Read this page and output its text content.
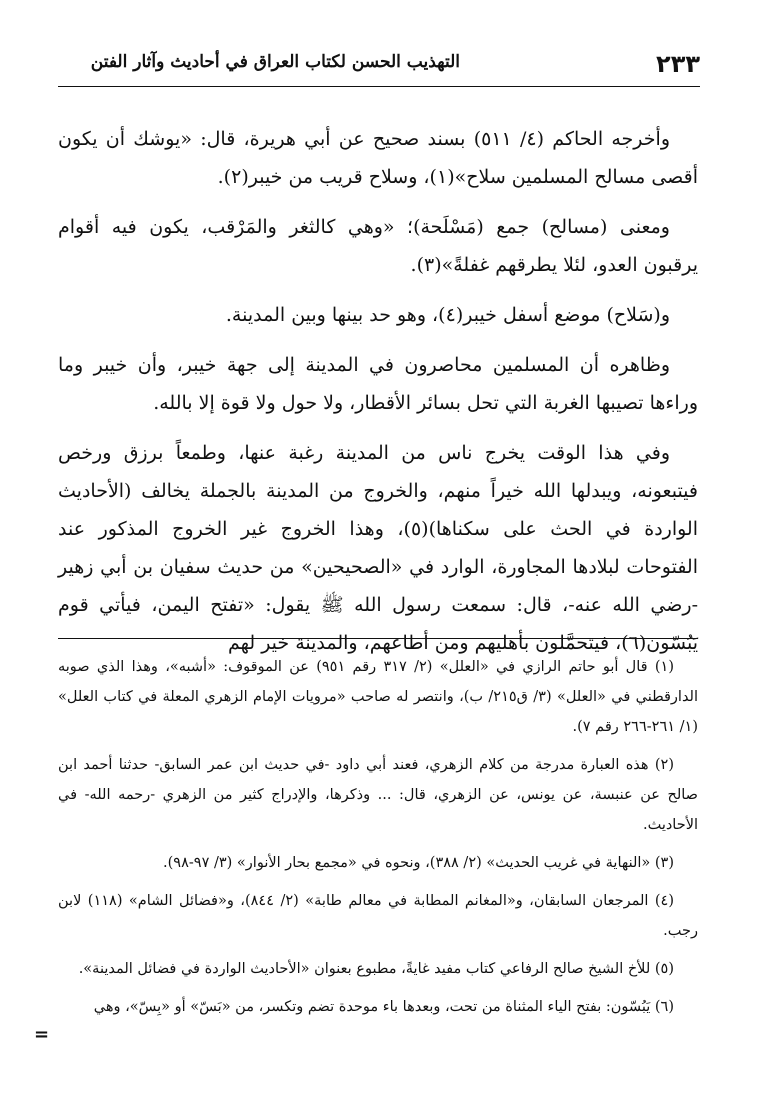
٢٣٣
التهذيب الحسن لكتاب العراق في أحاديث وآثار الفتن

وأخرجه الحاكم (٤/ ٥١١) بسند صحيح عن أبي هريرة، قال: «يوشك أن يكون أقصى مسالح المسلمين سلاح»(١)، وسلاح قريب من خيبر(٢).

ومعنى (مسالح) جمع (مَسْلَحة)؛ «وهي كالثغر والمَرْقب، يكون فيه أقوام يرقبون العدو، لئلا يطرقهم غفلةً»(٣).

و(سَلاح) موضع أسفل خيبر(٤)، وهو حد بينها وبين المدينة.

وظاهره أن المسلمين محاصرون في المدينة إلى جهة خيبر، وأن خيبر وما وراءها تصيبها الغربة التي تحل بسائر الأقطار، ولا حول ولا قوة إلا بالله.

وفي هذا الوقت يخرج ناس من المدينة رغبة عنها، وطمعاً برزق ورخص فيتبعونه، ويبدلها الله خيراً منهم، والخروج من المدينة بالجملة يخالف (الأحاديث الواردة في الحث على سكناها)(٥)، وهذا الخروج غير الخروج المذكور عند الفتوحات لبلادها المجاورة، الوارد في «الصحيحين» من حديث سفيان بن أبي زهير -رضي الله عنه-، قال: سمعت رسول الله ﷺ يقول: «تفتح اليمن، فيأتي قوم يَبُسّون(٦)، فيتحمَّلون بأهليهم ومن أطاعهم، والمدينة خير لهم

(١) قال أبو حاتم الرازي في «العلل» (٢/ ٣١٧ رقم ٩٥١) عن الموقوف: «أشبه»، وهذا الذي صوبه الدارقطني في «العلل» (٣/ ق٢١٥/ ب)، وانتصر له صاحب «مرويات الإمام الزهري المعلة في كتاب العلل» (١/ ٢٦١-٢٦٦ رقم ٧).

(٢) هذه العبارة مدرجة من كلام الزهري، فعند أبي داود -في حديث ابن عمر السابق- حدثنا أحمد ابن صالح عن عنبسة، عن يونس، عن الزهري، قال: ... وذكرها، والإدراج كثير من الزهري -رحمه الله- في الأحاديث.

(٣) «النهاية في غريب الحديث» (٢/ ٣٨٨)، ونحوه في «مجمع بحار الأنوار» (٣/ ٩٧-٩٨).

(٤) المرجعان السابقان، و«المغانم المطابة في معالم طابة» (٢/ ٨٤٤)، و«فضائل الشام» (١١٨) لابن رجب.

(٥) للأخ الشيخ صالح الرفاعي كتاب مفيد غايةً، مطبوع بعنوان «الأحاديث الواردة في فضائل المدينة».

(٦) يَبُسّون: بفتح الياء المثناة من تحت، وبعدها باء موحدة تضم وتكسر، من «بَسّ» أو «بِسّ»، وهي

=
